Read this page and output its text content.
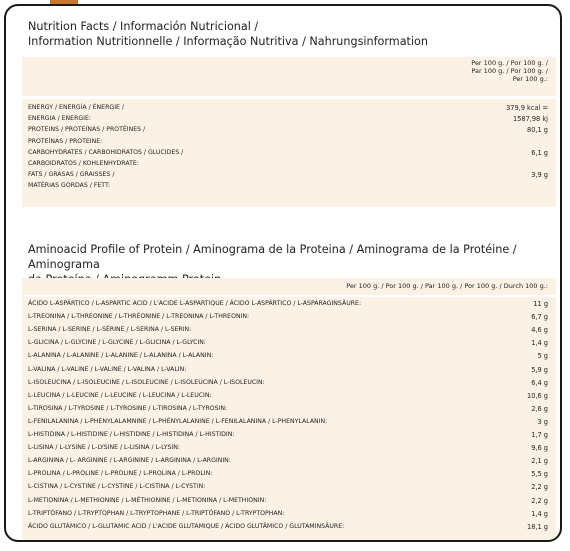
Nutrition Facts / Información Nutricional /
Information Nutritionnelle / Informação Nutritiva / Nahrungsinformation
Per 100 g. / Por 100 g. /
Par 100 g. / Por 100 g. /
Per 100 g.:
ENERGY / ENERGÍA / ÉNERGIE /	379,9 kcal =
ENERGIA / ENERGIE:	1587,98 kj
PROTEINS / PROTEÍNAS / PROTÉINES /	80,1 g
PROTEÍNAS / PROTEINE:
CARBOHYDRATES / CARBOHIDRATOS / GLUCIDES /	6,1 g
CARBOIDRATOS / KOHLENHYDRATE:
FATS / GRASAS / GRAISSES /	3,9 g
MATÉRIAS GORDAS / FETT:
Aminoacid Profile of Protein / Aminograma de la Proteina / Aminograma de la Protéine / Aminograma
Per 100 g. / Por 100 g. / Par 100 g. / Por 100 g. / Durch 100 g.:
ÁCIDO L-ASPÁRTICO / L-ASPARTIC ACID / L'ACIDE L-ASPARTIQUE / ÁCIDO L-ASPÁRTICO / L-ASPARAGINSÄURE:	11 g
L-TREONINA / L-THREONINE / L-THRÉONINE / L-TREONINA / L-THREONIN:	6,7 g
L-SERINA / L-SERINE / L-SÉRINE / L-SERINA / L-SERIN:	4,6 g
L-GLICINA / L-GLYCINE / L-GLYCINE / L-GLICINA / L-GLYCIN:	1,4 g
L-ALANINA / L-ALANINE / L-ALANINE / L-ALANINA / L-ALANIN:	5 g
L-VALINA / L-VALINE / L-VALINE / L-VALINA / L-VALIN:	5,9 g
L-ISOLEUCINA / L-ISOLEUCINE / L-ISOLEUCINE / L-ISOLEUCINA / L-ISOLEUCIN:	6,4 g
L-LEUCINA / L-LEUCINE / L-LEUCINE / L-LEUCINA / L-LEUCIN:	10,6 g
L-TIROSINA / L-TYROSINE / L-TYROSINE / L-TIROSINA / L-TYROSIN:	2,6 g
L-FENILALANINA / L-PHENYLALAMNINE / L-PHÉNYLALANINE / L-FENILALANINA / L-PHENYLALANIN:	3 g
L-HISTIDINA / L-HISTIDINE / L-HISTIDINE / L-HISTIDINA / L-HISTIDIN:	1,7 g
L-LISINA / L-LYSINE / L-LYSINE / L-LISINA / L-LYSIN:	9,6 g
L-ARGININA / L- ARGININE / L-ARGININE / L-ARGININA / L-ARGININ:	2,1 g
L-PROLINA / L-PROLINE / L-PROLINE / L-PROLINA / L-PROLIN:	5,5 g
L-CISTINA / L-CYSTINE / L-CYSTINE / L-CISTINA / L-CYSTIN:	2,2 g
L-METIONINA / L-METHIONINE / L-MÉTHIONINE / L-METIONINA / L-METHIONIN:	2,2 g
L-TRIPTÓFANO / L-TRYPTOPHAN / L-TRYPTOPHANE / L-TRIPTÓFANO / L-TRYPTOPHAN:	1,4 g
ÁCIDO GLUTÁMICO / L-GLUTAMIC ACID / L'ACIDE GLUTAMIQUE / ÁCIDO GLUTÂMICO / GLUTAMINSÄURE:	18,1 g
